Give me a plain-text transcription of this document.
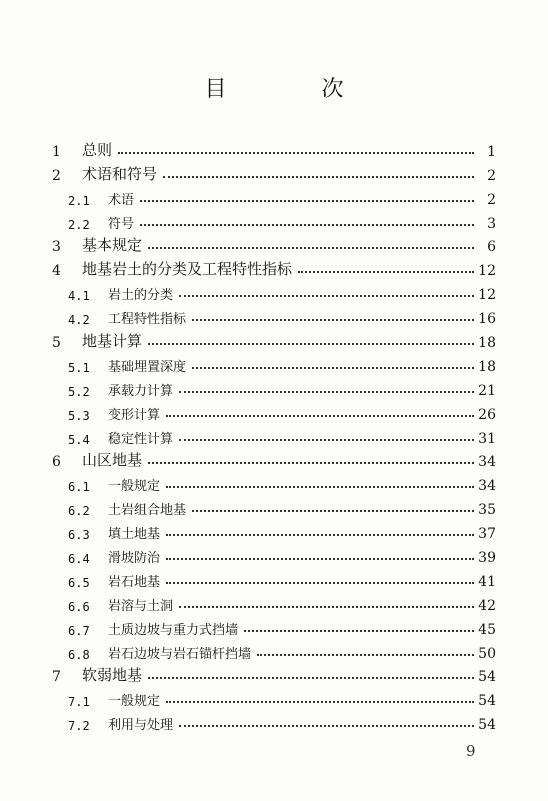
目 次
1	总则	1
2	术语和符号	2
2.1	术语	2
2.2	符号	3
3	基本规定	6
4	地基岩土的分类及工程特性指标	12
4.1	岩土的分类	12
4.2	工程特性指标	16
5	地基计算	18
5.1	基础埋置深度	18
5.2	承载力计算	21
5.3	变形计算	26
5.4	稳定性计算	31
6	山区地基	34
6.1	一般规定	34
6.2	土岩组合地基	35
6.3	填土地基	37
6.4	滑坡防治	39
6.5	岩石地基	41
6.6	岩溶与土洞	42
6.7	土质边坡与重力式挡墙	45
6.8	岩石边坡与岩石锚杆挡墙	50
7	软弱地基	54
7.1	一般规定	54
7.2	利用与处理	54
9
